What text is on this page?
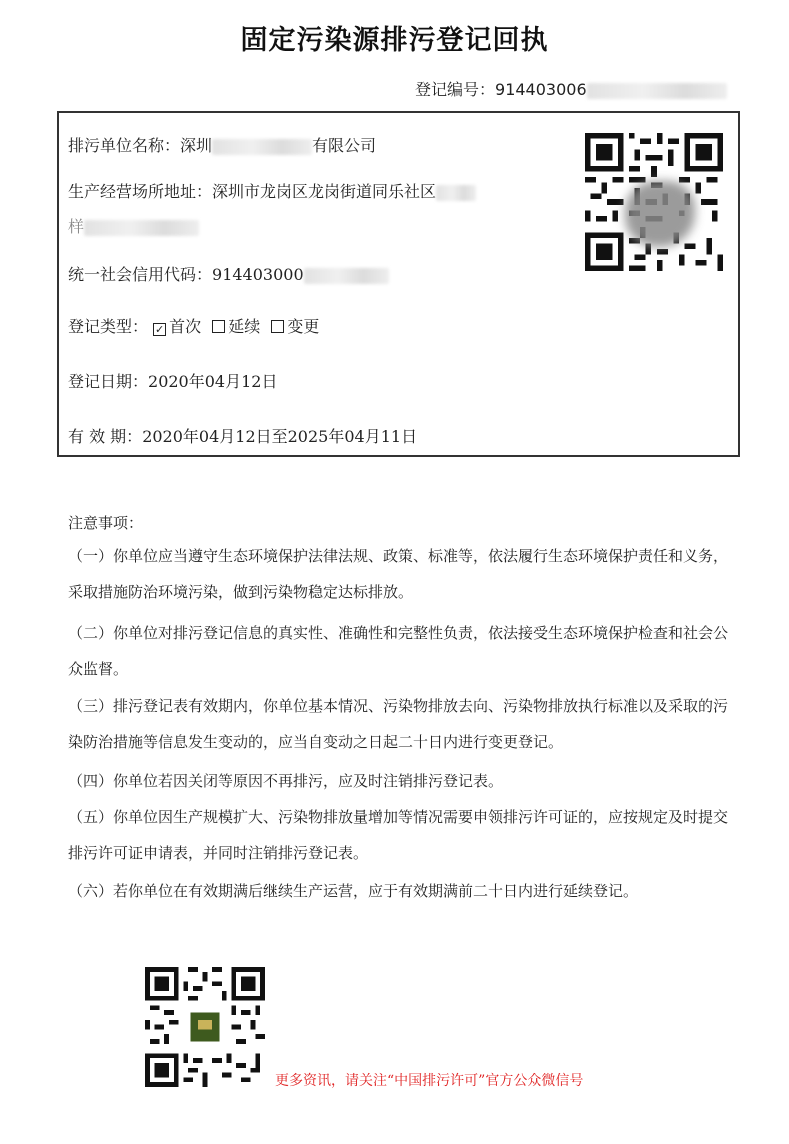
固定污染源排污登记回执
登记编号：914403006
排污单位名称：深圳	有限公司
生产经营场所地址：深圳市龙岗区龙岗街道同乐社区
样
统一社会信用代码：914403000
登记类型： ✓ 首次 延续 变更
登记日期：2020年04月12日
有 效 期：2020年04月12日至2025年04月11日
注意事项：
（一）你单位应当遵守生态环境保护法律法规、政策、标准等，依法履行生态环境保护责任和义务，采取措施防治环境污染，做到污染物稳定达标排放。
（二）你单位对排污登记信息的真实性、准确性和完整性负责，依法接受生态环境保护检查和社会公众监督。
（三）排污登记表有效期内，你单位基本情况、污染物排放去向、污染物排放执行标准以及采取的污染防治措施等信息发生变动的，应当自变动之日起二十日内进行变更登记。
（四）你单位若因关闭等原因不再排污，应及时注销排污登记表。
（五）你单位因生产规模扩大、污染物排放量增加等情况需要申领排污许可证的，应按规定及时提交排污许可证申请表，并同时注销排污登记表。
（六）若你单位在有效期满后继续生产运营，应于有效期满前二十日内进行延续登记。
更多资讯，请关注“中国排污许可”官方公众微信号
